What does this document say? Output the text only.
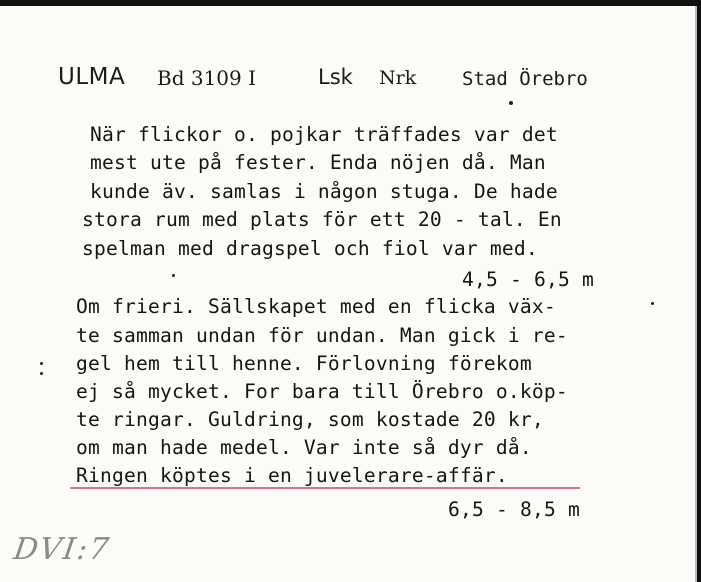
ULMA Bd 3109 I	Lsk Nrk Stad Örebro
När flickor o. pojkar träffades var det
mest ute på fester. Enda nöjen då. Man
kunde äv. samlas i någon stuga. De hade
stora rum med plats för ett 20 - tal. En
spelman med dragspel och fiol var med.
4,5 - 6,5 m
Om frieri. Sällskapet med en flicka väx-
te samman undan för undan. Man gick i re-
gel hem till henne. Förlovning förekom
ej så mycket. For bara till Örebro o.köp-
te ringar. Guldring, som kostade 20 kr,
om man hade medel. Var inte så dyr då.
Ringen köptes i en juvelerare-affär.
6,5 - 8,5 m
DVI:7
